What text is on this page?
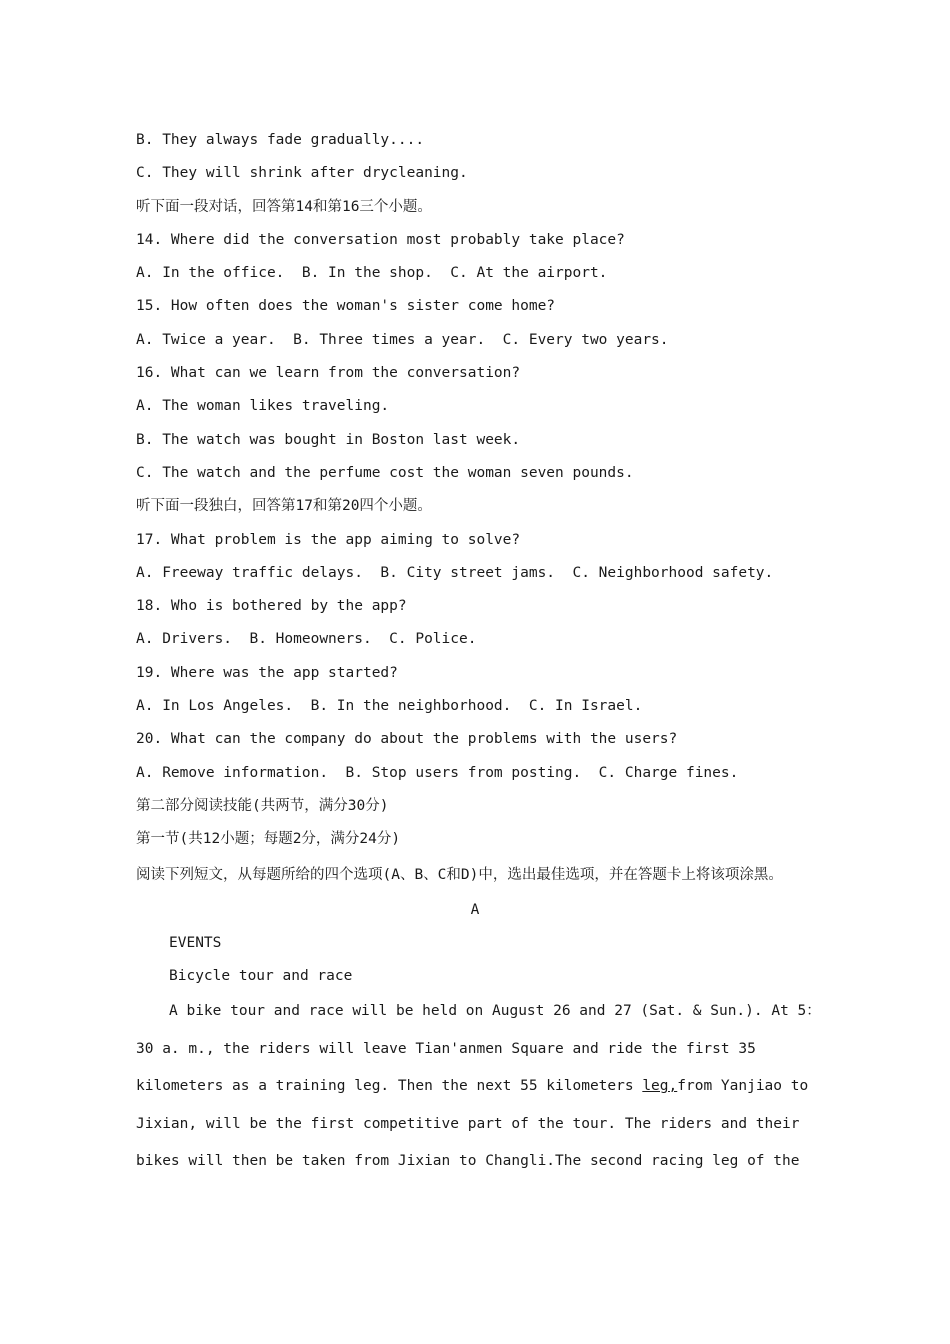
B. They always fade gradually....
C. They will shrink after drycleaning.
听下面一段对话，回答第14和第16三个小题。
14. Where did the conversation most probably take place?
A. In the office.  B. In the shop.  C. At the airport.
15. How often does the woman's sister come home?
A. Twice a year.  B. Three times a year.  C. Every two years.
16. What can we learn from the conversation?
A. The woman likes traveling.
B. The watch was bought in Boston last week.
C. The watch and the perfume cost the woman seven pounds.
听下面一段独白，回答第17和第20四个小题。
17. What problem is the app aiming to solve?
A. Freeway traffic delays.  B. City street jams.  C. Neighborhood safety.
18. Who is bothered by the app?
A. Drivers.  B. Homeowners.  C. Police.
19. Where was the app started?
A. In Los Angeles.  B. In the neighborhood.  C. In Israel.
20. What can the company do about the problems with the users?
A. Remove information.  B. Stop users from posting.  C. Charge fines.
第二部分阅读技能(共两节，满分30分)
第一节(共12小题；每题2分，满分24分)
阅读下列短文，从每题所给的四个选项(A、B、C和D)中，选出最佳选项，并在答题卡上将该项涂黑。
A
EVENTS
Bicycle tour and race
A bike tour and race will be held on August 26 and 27 (Sat. & Sun.). At 5：30 a. m., the riders will leave Tian'anmen Square and ride the first 35 kilometers as a training leg. Then the next 55 kilometers leg,from Yanjiao to Jixian, will be the first competitive part of the tour. The riders and their bikes will then be taken from Jixian to Changli.The second racing leg of the
